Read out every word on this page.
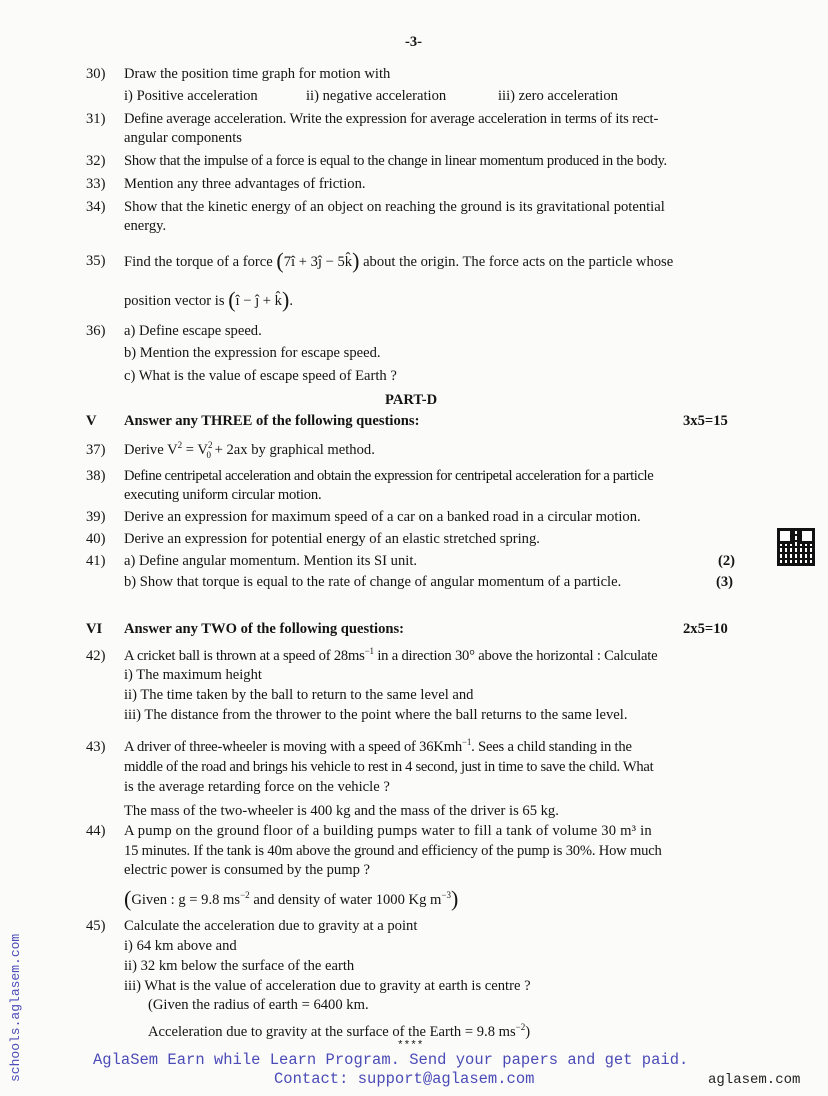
-3-
30) Draw the position time graph for motion with
i) Positive acceleration	ii) negative acceleration	iii) zero acceleration
31) Define average acceleration. Write the expression for average acceleration in terms of its rect-
angular components
32) Show that the impulse of a force is equal to the change in linear momentum produced in the body.
33) Mention any three advantages of friction.
34) Show that the kinetic energy of an object on reaching the ground is its gravitational potential
energy.
35) Find the torque of a force (7î + 3ĵ − 5k̂) about the origin. The force acts on the particle whose
position vector is (î − ĵ + k̂).
36) a) Define escape speed.
b) Mention the expression for escape speed.
c) What is the value of escape speed of Earth ?
PART-D
V Answer any THREE of the following questions:	3x5=15
37) Derive $V^2 = V^2_0 + 2ax$ by graphical method.
38) Define centripetal acceleration and obtain the expression for centripetal acceleration for a particle
executing uniform circular motion.
39) Derive an expression for maximum speed of a car on a banked road in a circular motion.
40) Derive an expression for potential energy of an elastic stretched spring.
41) a) Define angular momentum. Mention its SI unit.	(2)
b) Show that torque is equal to the rate of change of angular momentum of a particle.	(3)
VI Answer any TWO of the following questions:	2x5=10
42) A cricket ball is thrown at a speed of $28ms^{-1}$ in a direction 30° above the horizontal : Calculate
i) The maximum height
ii) The time taken by the ball to return to the same level and
iii) The distance from the thrower to the point where the ball returns to the same level.
43) A driver of three-wheeler is moving with a speed of 36Kmh$^{-1}$. Sees a child standing in the
middle of the road and brings his vehicle to rest in 4 second, just in time to save the child. What
is the average retarding force on the vehicle ?
The mass of the two-wheeler is 400 kg and the mass of the driver is 65 kg.
44) A pump on the ground floor of a building pumps water to fill a tank of volume 30 m³ in
15 minutes. If the tank is 40m above the ground and efficiency of the pump is 30%. How much
electric power is consumed by the pump ?
(Given : g = 9.8 $ms^{-2}$ and density of water 1000 Kg $m^{-3}$)
45) Calculate the acceleration due to gravity at a point
i) 64 km above and
ii) 32 km below the surface of the earth
iii) What is the value of acceleration due to gravity at earth is centre ?
(Given the radius of earth = 6400 km.
Acceleration due to gravity at the surface of the Earth = 9.8 $ms^{-2}$)
****
AglaSem Earn while Learn Program. Send your papers and get paid.
Contact: support@aglasem.com	aglasem.com
schools.aglasem.com
